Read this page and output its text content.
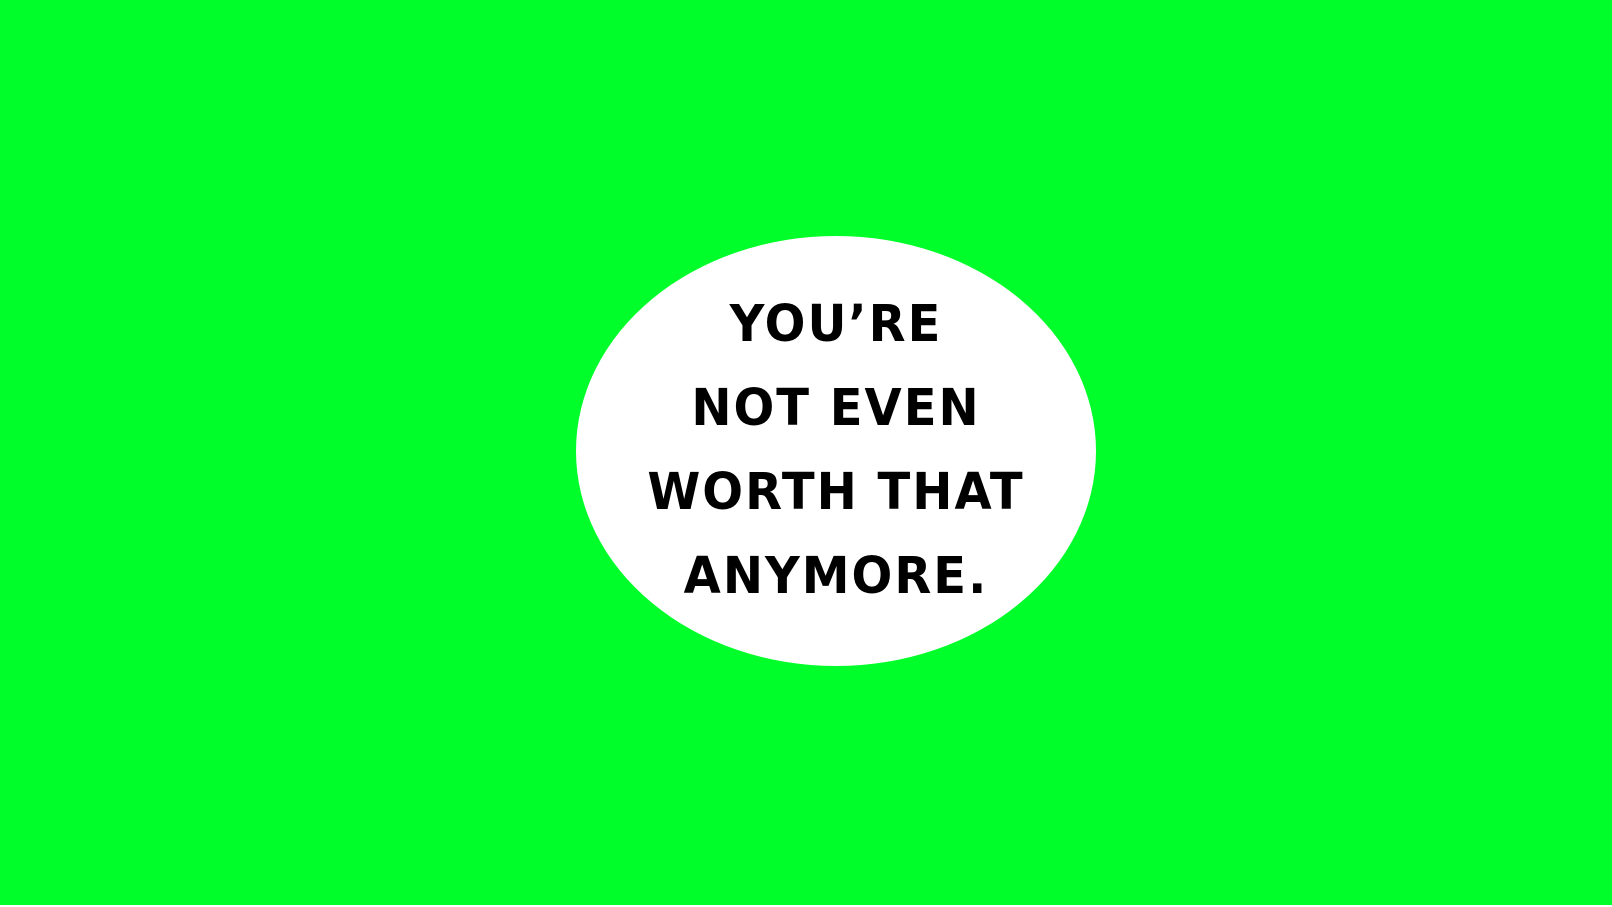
YOU’RE
NOT EVEN
WORTH THAT
ANYMORE.
